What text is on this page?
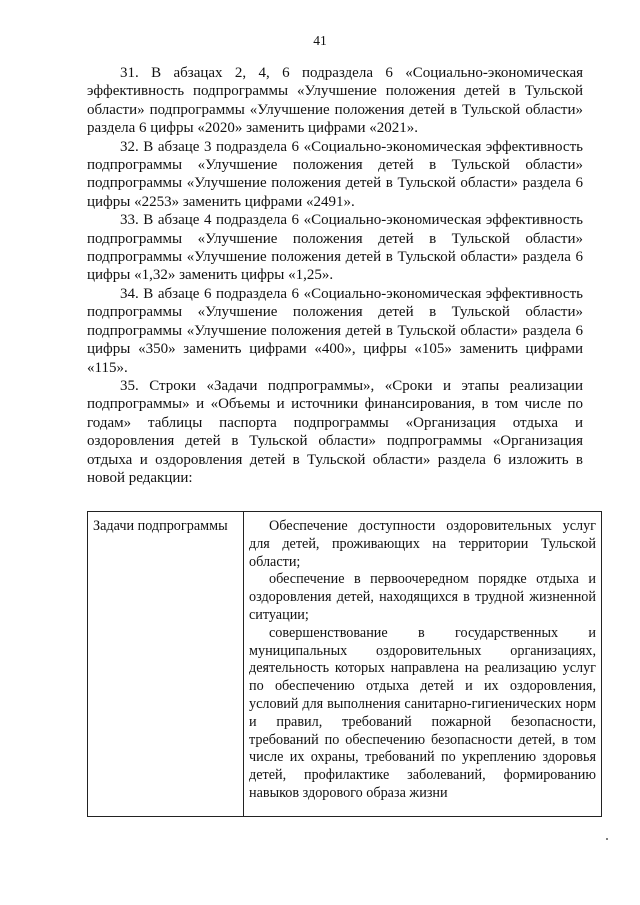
41

31. В абзацах 2, 4, 6 подраздела 6 «Социально-экономическая эффективность подпрограммы «Улучшение положения детей в Тульской области» подпрограммы «Улучшение положения детей в Тульской области» раздела 6 цифры «2020» заменить цифрами «2021».

32. В абзаце 3 подраздела 6 «Социально-экономическая эффективность подпрограммы «Улучшение положения детей в Тульской области» подпрограммы «Улучшение положения детей в Тульской области» раздела 6 цифры «2253» заменить цифрами «2491».

33. В абзаце 4 подраздела 6 «Социально-экономическая эффективность подпрограммы «Улучшение положения детей в Тульской области» подпрограммы «Улучшение положения детей в Тульской области» раздела 6 цифры «1,32» заменить цифры «1,25».

34. В абзаце 6 подраздела 6 «Социально-экономическая эффективность подпрограммы «Улучшение положения детей в Тульской области» подпрограммы «Улучшение положения детей в Тульской области» раздела 6 цифры «350» заменить цифрами «400», цифры «105» заменить цифрами «115».

35. Строки «Задачи подпрограммы», «Сроки и этапы реализации подпрограммы» и «Объемы и источники финансирования, в том числе по годам» таблицы паспорта подпрограммы «Организация отдыха и оздоровления детей в Тульской области» подпрограммы «Организация отдыха и оздоровления детей в Тульской области» раздела 6 изложить в новой редакции:

Задачи подпрограммы	Обеспечение доступности оздоровительных услуг для детей, проживающих на территории Тульской области;

обеспечение в первоочередном порядке отдыха и оздоровления детей, находящихся в трудной жизненной ситуации;

совершенствование в государственных и муниципальных оздоровительных организациях, деятельность которых направлена на реализацию услуг по обеспечению отдыха детей и их оздоровления, условий для выполнения санитарно-гигиенических норм и правил, требований пожарной безопасности, требований по обеспечению безопасности детей, в том числе их охраны, требований по укреплению здоровья детей, профилактике заболеваний, формированию навыков здорового образа жизни
